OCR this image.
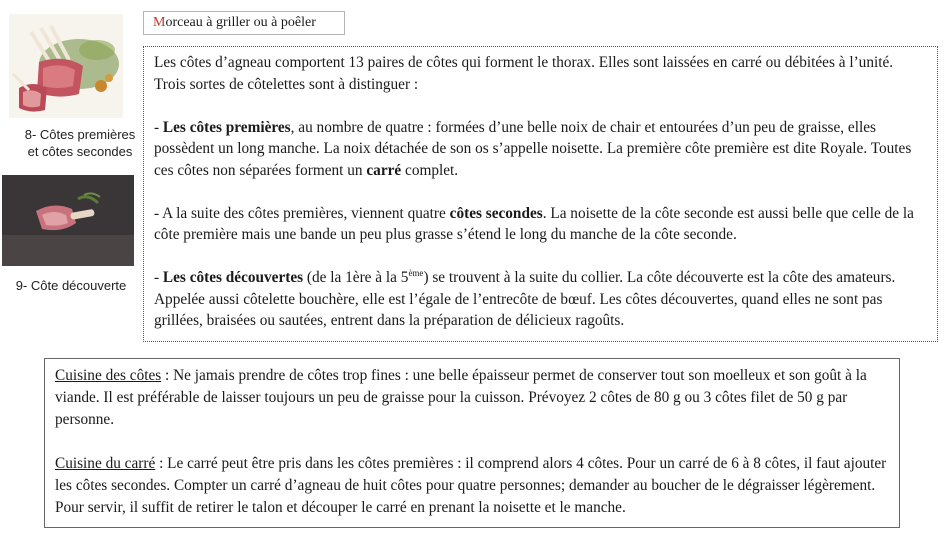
8- Côtes premières
et côtes secondes
9- Côte découverte
Morceau à griller ou à poêler

Les côtes d’agneau comportent 13 paires de côtes qui forment le thorax. Elles sont laissées en carré ou débitées à l’unité. Trois sortes de côtelettes sont à distinguer :

- Les côtes premières, au nombre de quatre : formées d’une belle noix de chair et entourées d’un peu de graisse, elles possèdent un long manche. La noix détachée de son os s’appelle noisette. La première côte première est dite Royale. Toutes ces côtes non séparées forment un carré complet.

- A la suite des côtes premières, viennent quatre côtes secondes. La noisette de la côte seconde est aussi belle que celle de la côte première mais une bande un peu plus grasse s’étend le long du manche de la côte seconde.

- Les côtes découvertes (de la 1ère à la 5ème) se trouvent à la suite du collier. La côte découverte est la côte des amateurs. Appelée aussi côtelette bouchère, elle est l’égale de l’entrecôte de bœuf. Les côtes découvertes, quand elles ne sont pas grillées, braisées ou sautées, entrent dans la préparation de délicieux ragoûts.

Cuisine des côtes : Ne jamais prendre de côtes trop fines : une belle épaisseur permet de conserver tout son moelleux et son goût à la viande. Il est préférable de laisser toujours un peu de graisse pour la cuisson. Prévoyez 2 côtes de 80 g ou 3 côtes filet de 50 g par personne.

Cuisine du carré : Le carré peut être pris dans les côtes premières : il comprend alors 4 côtes. Pour un carré de 6 à 8 côtes, il faut ajouter les côtes secondes. Compter un carré d’agneau de huit côtes pour quatre personnes; demander au boucher de le dégraisser légèrement. Pour servir, il suffit de retirer le talon et découper le carré en prenant la noisette et le manche.
